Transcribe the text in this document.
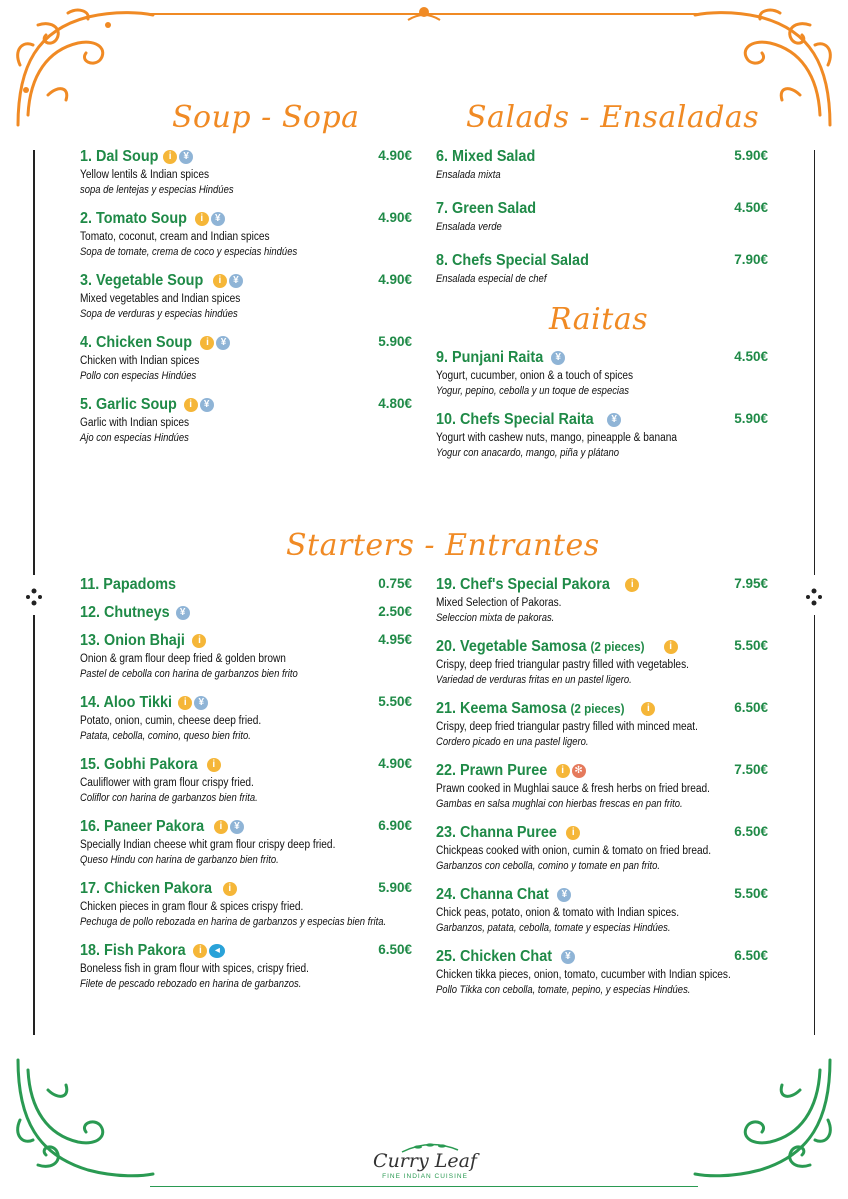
Soup - Sopa	Salads - Ensaladas
Raitas
Starters - Entrantes
1. Dal Soup	i	¥	4.90€
Yellow lentils & Indian spices
sopa de lentejas y especias Hindúes
2. Tomato Soup	i	¥	4.90€
Tomato, coconut, cream and Indian spices
Sopa de tomate, crema de coco y especias hindúes
3. Vegetable Soup	i	¥	4.90€
Mixed vegetables and Indian spices
Sopa de verduras y especias hindúes
4. Chicken Soup	i	¥	5.90€
Chicken with Indian spices
Pollo con especias Hindúes
5. Garlic Soup	i	¥	4.80€
Garlic with Indian spices
Ajo con especias Hindúes
6. Mixed Salad	5.90€
Ensalada mixta
7. Green Salad	4.50€
Ensalada verde
8. Chefs Special Salad	7.90€
Ensalada especial de chef
9. Punjani Raita	¥	4.50€
Yogurt, cucumber, onion & a touch of spices
Yogur, pepino, cebolla y un toque de especias
10. Chefs Special Raita	¥	5.90€
Yogurt with cashew nuts, mango, pineapple & banana
Yogur con anacardo, mango, piña y plátano
11. Papadoms	0.75€
12. Chutneys	¥	2.50€
13. Onion Bhaji	i	4.95€
Onion & gram flour deep fried & golden brown
Pastel de cebolla con harina de garbanzos bien frito
14. Aloo Tikki	i	¥	5.50€
Potato, onion, cumin, cheese deep fried.
Patata, cebolla, comino, queso bien frito.
15. Gobhi Pakora	i	4.90€
Cauliflower with gram flour crispy fried.
Coliflor con harina de garbanzos bien frita.
16. Paneer Pakora	i	¥	6.90€
Specially Indian cheese whit gram flour crispy deep fried.
Queso Hindu con harina de garbanzo bien frito.
17. Chicken Pakora	i	5.90€
Chicken pieces in gram flour & spices crispy fried.
Pechuga de pollo rebozada en harina de garbanzos y especias bien frita.
18. Fish Pakora	i	◂	6.50€
Boneless fish in gram flour with spices, crispy fried.
Filete de pescado rebozado en harina de garbanzos.
19. Chef's Special Pakora	i	7.95€
Mixed Selection of Pakoras.
Seleccion mixta de pakoras.
20. Vegetable Samosa (2 pieces)	i	5.50€
Crispy, deep fried triangular pastry filled with vegetables.
Variedad de verduras fritas en un pastel ligero.
21. Keema Samosa (2 pieces)	i	6.50€
Crispy, deep fried triangular pastry filled with minced meat.
Cordero picado en una pastel ligero.
22. Prawn Puree	i	✻	7.50€
Prawn cooked in Mughlai sauce & fresh herbs on fried bread.
Gambas en salsa mughlai con hierbas frescas en pan frito.
23. Channa Puree	i	6.50€
Chickpeas cooked with onion, cumin & tomato on fried bread.
Garbanzos con cebolla, comino y tomate en pan frito.
24. Channa Chat	¥	5.50€
Chick peas, potato, onion & tomato with Indian spices.
Garbanzos, patata, cebolla, tomate y especias Hindúes.
25. Chicken Chat	¥	6.50€
Chicken tikka pieces, onion, tomato, cucumber with Indian spices.
Pollo Tikka con cebolla, tomate, pepino, y especias Hindúes.
Curry Leaf
FINE INDIAN CUISINE
